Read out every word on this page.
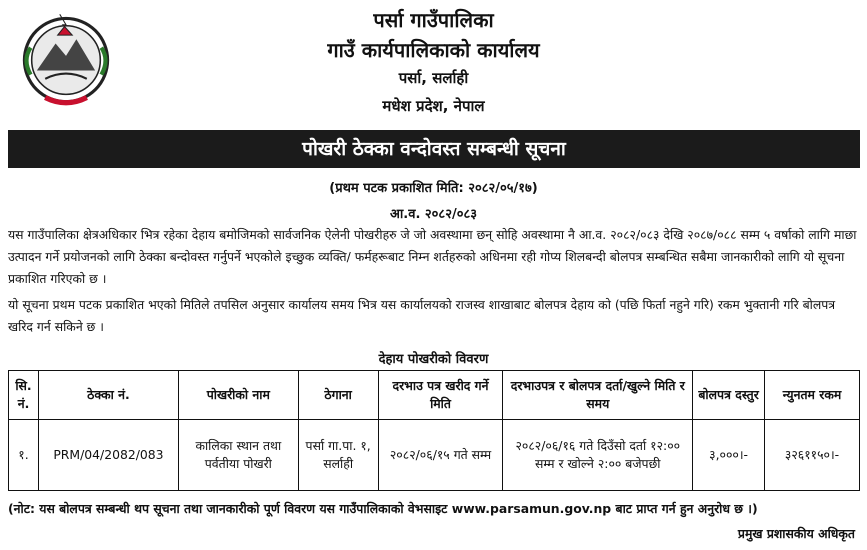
पर्सा गाउँपालिका

गाउँ कार्यपालिकाको कार्यालय

पर्सा, सर्लाही

मधेश प्रदेश, नेपाल

पोखरी ठेक्का वन्दोवस्त सम्बन्धी सूचना
(प्रथम पटक प्रकाशित मिति: २०८२/०५/१७)
आ.व. २०८२/०८३

यस गाउँपालिका क्षेत्रअधिकार भित्र रहेका देहाय बमोजिमको सार्वजनिक ऐलेनी पोखरीहरु जे जो अवस्थामा छन् सोहि अवस्थामा नै आ.व. २०८२/०८३ देखि २०८७/०८८ सम्म ५ वर्षाको लागि माछा उत्पादन गर्ने प्रयोजनको लागि ठेक्का बन्दोवस्त गर्नुपर्ने भएकोले इच्छुक व्यक्ति/ फर्महरूबाट निम्न शर्तहरुको अधिनमा रही गोप्य शिलबन्दी बोलपत्र सम्बन्धित सबैमा जानकारीको लागि यो सूचना प्रकाशित गरिएको छ ।

यो सूचना प्रथम पटक प्रकाशित भएको मितिले तपसिल अनुसार कार्यालय समय भित्र यस कार्यालयको राजस्व शाखाबाट बोलपत्र देहाय को (पछि फिर्ता नहुने गरि) रकम भुक्तानी गरि बोलपत्र खरिद गर्न सकिने छ ।

देहाय पोखरीको विवरण
सि. नं.	ठेक्का नं.	पोखरीको नाम	ठेगाना	दरभाउ पत्र खरीद गर्ने मिति	दरभाउपत्र र बोलपत्र दर्ता/खुल्ने मिति र समय	बोलपत्र दस्तुर	न्युनतम रकम
१.	PRM/04/2082/083	कालिका स्थान तथा पर्वतीया पोखरी	पर्सा गा.पा. १, सर्लाही	२०८२/०६/१५ गते सम्म	२०८२/०६/१६ गते दिउँसो दर्ता १२:०० सम्म र खोल्ने २:०० बजेपछी	३,०००।-	३२६११५०।-

(नोट: यस बोलपत्र सम्बन्धी थप सूचना तथा जानकारीको पूर्ण विवरण यस गाउँपालिकाको वेभसाइट www.parsamun.gov.np बाट प्राप्त गर्न हुन अनुरोध छ ।)

प्रमुख प्रशासकीय अधिकृत
